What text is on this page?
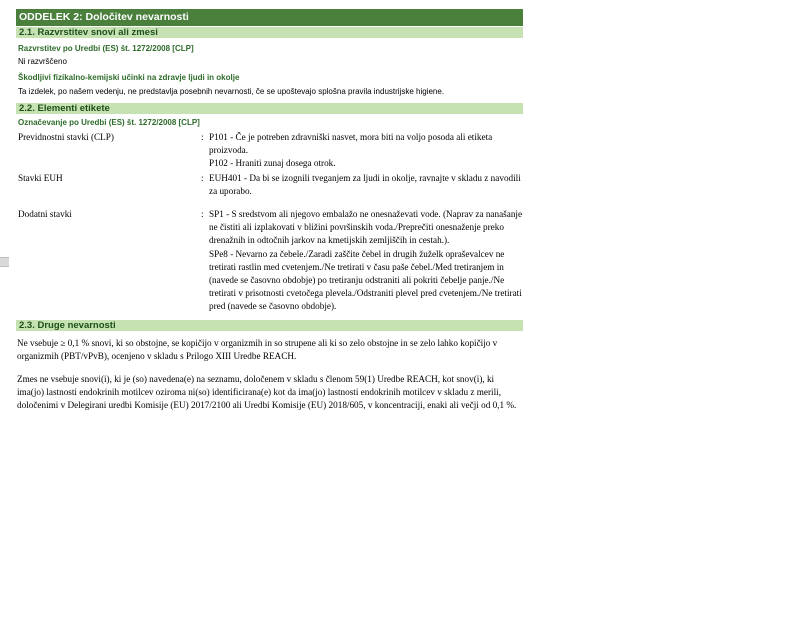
ODDELEK 2: Določitev nevarnosti
2.1. Razvrstitev snovi ali zmesi
Razvrstitev po Uredbi (ES) št. 1272/2008 [CLP]
Ni razvrščeno
Škodljivi fizikalno-kemijski učinki na zdravje ljudi in okolje
Ta izdelek, po našem vedenju, ne predstavlja posebnih nevarnosti, če se upoštevajo splošna pravila industrijske higiene.
2.2. Elementi etikete
Označevanje po Uredbi (ES) št. 1272/2008 [CLP]
Previdnostni stavki (CLP)	: P101 - Če je potreben zdravniški nasvet, mora biti na voljo posoda ali etiketa proizvoda.
P102 - Hraniti zunaj dosega otrok.
Stavki EUH	: EUH401 - Da bi se izognili tveganjem za ljudi in okolje, ravnajte v skladu z navodili za uporabo.
Dodatni stavki	: SP1 - S sredstvom ali njegovo embalažo ne onesnaževati vode. (Naprav za nanašanje ne čistiti ali izplakovati v bližini površinskih voda./Preprečiti onesnaženje preko drenažnih in odtočnih jarkov na kmetijskih zemljiščih in cestah.).
SPe8 - Nevarno za čebele./Zaradi zaščite čebel in drugih žuželk opraševalcev ne tretirati rastlin med cvetenjem./Ne tretirati v času paše čebel./Med tretiranjem in (navede se časovno obdobje) po tretiranju odstraniti ali pokriti čebelje panje./Ne tretirati v prisotnosti cvetočega plevela./Odstraniti plevel pred cvetenjem./Ne tretirati pred (navede se časovno obdobje).
2.3. Druge nevarnosti
Ne vsebuje ≥ 0,1 % snovi, ki so obstojne, se kopičijo v organizmih in so strupene ali ki so zelo obstojne in se zelo lahko kopičijo v organizmih (PBT/vPvB), ocenjeno v skladu s Prilogo XIII Uredbe REACH.
Zmes ne vsebuje snovi(i), ki je (so) navedena(e) na seznamu, določenem v skladu s členom 59(1) Uredbe REACH, kot snov(i), ki ima(jo) lastnosti endokrinih motilcev oziroma ni(so) identificirana(e) kot da ima(jo) lastnosti endokrinih motilcev v skladu z merili, določenimi v Delegirani uredbi Komisije (EU) 2017/2100 ali Uredbi Komisije (EU) 2018/605, v koncentraciji, enaki ali večji od 0,1 %.
